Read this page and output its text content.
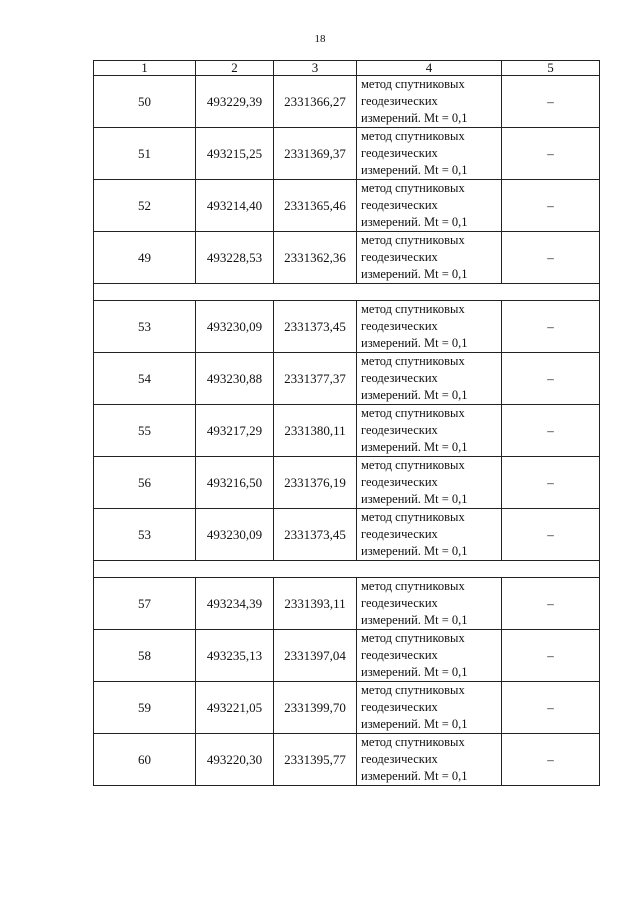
18
1	2	3	4	5
50	493229,39	2331366,27	метод спутниковых
геодезических
измерений. Mt = 0,1	–
51	493215,25	2331369,37	метод спутниковых
геодезических
измерений. Mt = 0,1	–
52	493214,40	2331365,46	метод спутниковых
геодезических
измерений. Mt = 0,1	–
49	493228,53	2331362,36	метод спутниковых
геодезических
измерений. Mt = 0,1	–

53	493230,09	2331373,45	метод спутниковых
геодезических
измерений. Mt = 0,1	–
54	493230,88	2331377,37	метод спутниковых
геодезических
измерений. Mt = 0,1	–
55	493217,29	2331380,11	метод спутниковых
геодезических
измерений. Mt = 0,1	–
56	493216,50	2331376,19	метод спутниковых
геодезических
измерений. Mt = 0,1	–
53	493230,09	2331373,45	метод спутниковых
геодезических
измерений. Mt = 0,1	–

57	493234,39	2331393,11	метод спутниковых
геодезических
измерений. Mt = 0,1	–
58	493235,13	2331397,04	метод спутниковых
геодезических
измерений. Mt = 0,1	–
59	493221,05	2331399,70	метод спутниковых
геодезических
измерений. Mt = 0,1	–
60	493220,30	2331395,77	метод спутниковых
геодезических
измерений. Mt = 0,1	–
